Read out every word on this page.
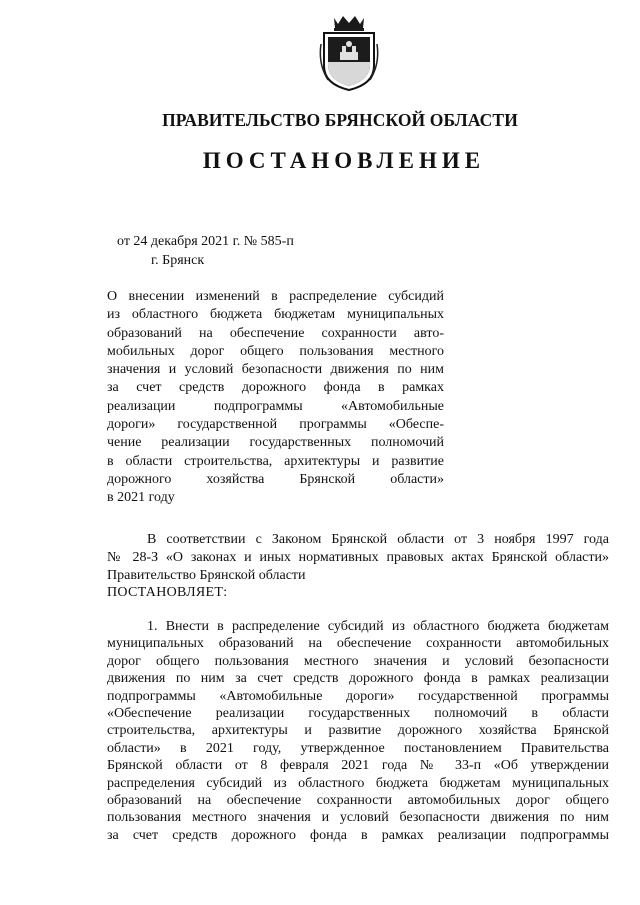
ПРАВИТЕЛЬСТВО БРЯНСКОЙ ОБЛАСТИ
ПОСТАНОВЛЕНИЕ
от 24 декабря 2021 г. № 585-п
г. Брянск
О внесении изменений в распределение субсидий
из областного бюджета бюджетам муниципальных
образований на обеспечение сохранности авто-
мобильных дорог общего пользования местного
значения и условий безопасности движения по ним
за счет средств дорожного фонда в рамках
реализации подпрограммы «Автомобильные
дороги» государственной программы «Обеспе-
чение реализации государственных полномочий
в области строительства, архитектуры и развитие
дорожного хозяйства Брянской области»
в 2021 году
В соответствии с Законом Брянской области от 3 ноября 1997 года
№ 28-З «О законах и иных нормативных правовых актах Брянской области»
Правительство Брянской области
ПОСТАНОВЛЯЕТ:
1. Внести в распределение субсидий из областного бюджета бюджетам
муниципальных образований на обеспечение сохранности автомобильных
дорог общего пользования местного значения и условий безопасности
движения по ним за счет средств дорожного фонда в рамках реализации
подпрограммы «Автомобильные дороги» государственной программы
«Обеспечение реализации государственных полномочий в области
строительства, архитектуры и развитие дорожного хозяйства Брянской
области» в 2021 году, утвержденное постановлением Правительства
Брянской области от 8 февраля 2021 года № 33-п «Об утверждении
распределения субсидий из областного бюджета бюджетам муниципальных
образований на обеспечение сохранности автомобильных дорог общего
пользования местного значения и условий безопасности движения по ним
за счет средств дорожного фонда в рамках реализации подпрограммы
